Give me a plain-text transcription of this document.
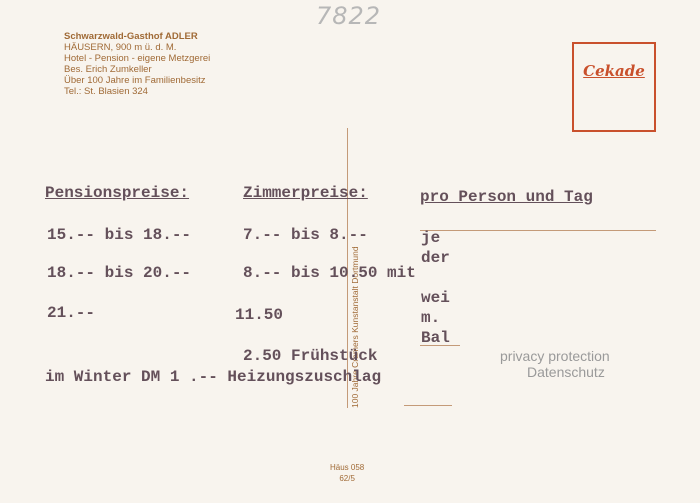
7822
Schwarzwald-Gasthof ADLER
HÄUSERN, 900 m ü. d. M.
Hotel - Pension - eigene Metzgerei
Bes. Erich Zumkeller
Über 100 Jahre im Familienbesitz
Tel.: St. Blasien 324
Cekade
100 Jahre Cramers Kunstanstalt Dortmund
Pensionspreise:	Zimmerpreise:	pro Person und Tag
15.-- bis 18.--	7.-- bis 8.--
18.-- bis 20.--	8.-- bis 10.50 mit
21.--	11.50
je
der
wei
m.
Bal
2.50 Frühstück
im Winter DM 1 .-- Heizungszuschlag
privacy protection
Datenschutz
Häus 058
62/5
